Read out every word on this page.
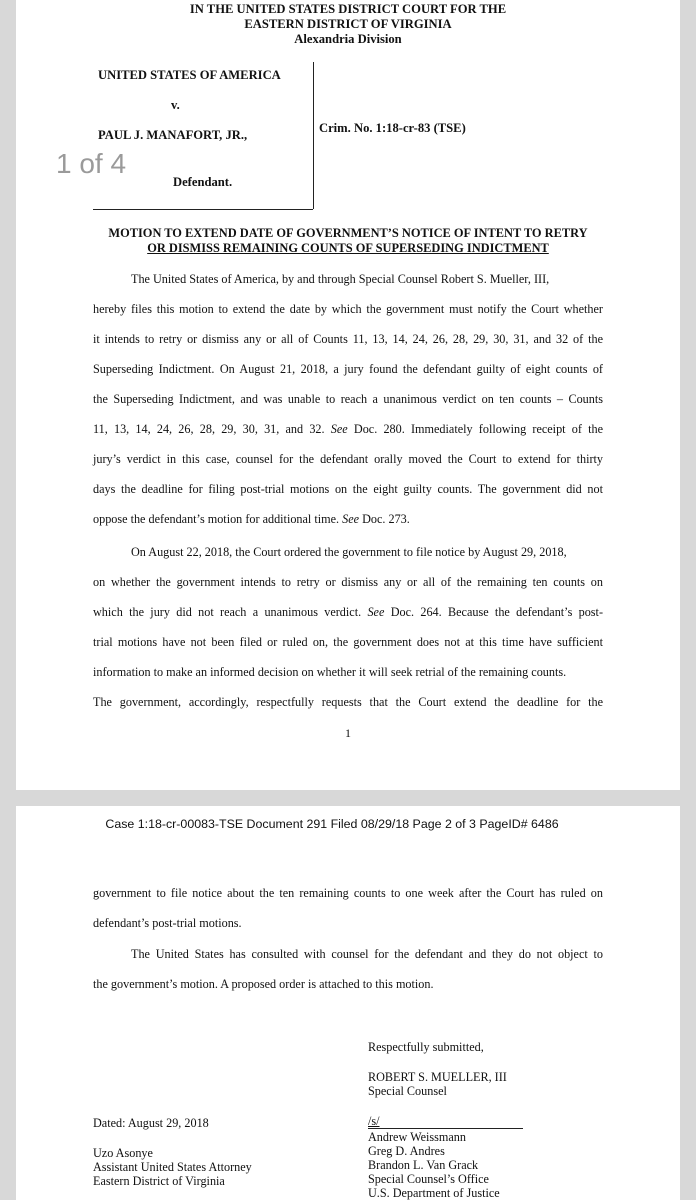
IN THE UNITED STATES DISTRICT COURT FOR THE
EASTERN DISTRICT OF VIRGINIA
Alexandria Division
UNITED STATES OF AMERICA
v.
PAUL J. MANAFORT, JR.,
Defendant.
Crim. No. 1:18-cr-83 (TSE)
1 of 4
MOTION TO EXTEND DATE OF GOVERNMENT’S NOTICE OF INTENT TO RETRY
OR DISMISS REMAINING COUNTS OF SUPERSEDING INDICTMENT
The United States of America, by and through Special Counsel Robert S. Mueller, III,
hereby files this motion to extend the date by which the government must notify the Court whether
it intends to retry or dismiss any or all of Counts 11, 13, 14, 24, 26, 28, 29, 30, 31, and 32 of the
Superseding Indictment. On August 21, 2018, a jury found the defendant guilty of eight counts of
the Superseding Indictment, and was unable to reach a unanimous verdict on ten counts – Counts
11, 13, 14, 24, 26, 28, 29, 30, 31, and 32. See Doc. 280. Immediately following receipt of the
jury’s verdict in this case, counsel for the defendant orally moved the Court to extend for thirty
days the deadline for filing post-trial motions on the eight guilty counts. The government did not
oppose the defendant’s motion for additional time. See Doc. 273.
On August 22, 2018, the Court ordered the government to file notice by August 29, 2018,
on whether the government intends to retry or dismiss any or all of the remaining ten counts on
which the jury did not reach a unanimous verdict. See Doc. 264. Because the defendant’s post-
trial motions have not been filed or ruled on, the government does not at this time have sufficient
information to make an informed decision on whether it will seek retrial of the remaining counts.
The government, accordingly, respectfully requests that the Court extend the deadline for the
1
Case 1:18-cr-00083-TSE Document 291 Filed 08/29/18 Page 2 of 3 PageID# 6486
government to file notice about the ten remaining counts to one week after the Court has ruled on
defendant’s post-trial motions.
The United States has consulted with counsel for the defendant and they do not object to
the government’s motion. A proposed order is attached to this motion.
Respectfully submitted,
ROBERT S. MUELLER, III
Special Counsel
/s/
Andrew Weissmann
Greg D. Andres
Brandon L. Van Grack
Special Counsel’s Office
U.S. Department of Justice
Dated: August 29, 2018
Uzo Asonye
Assistant United States Attorney
Eastern District of Virginia
